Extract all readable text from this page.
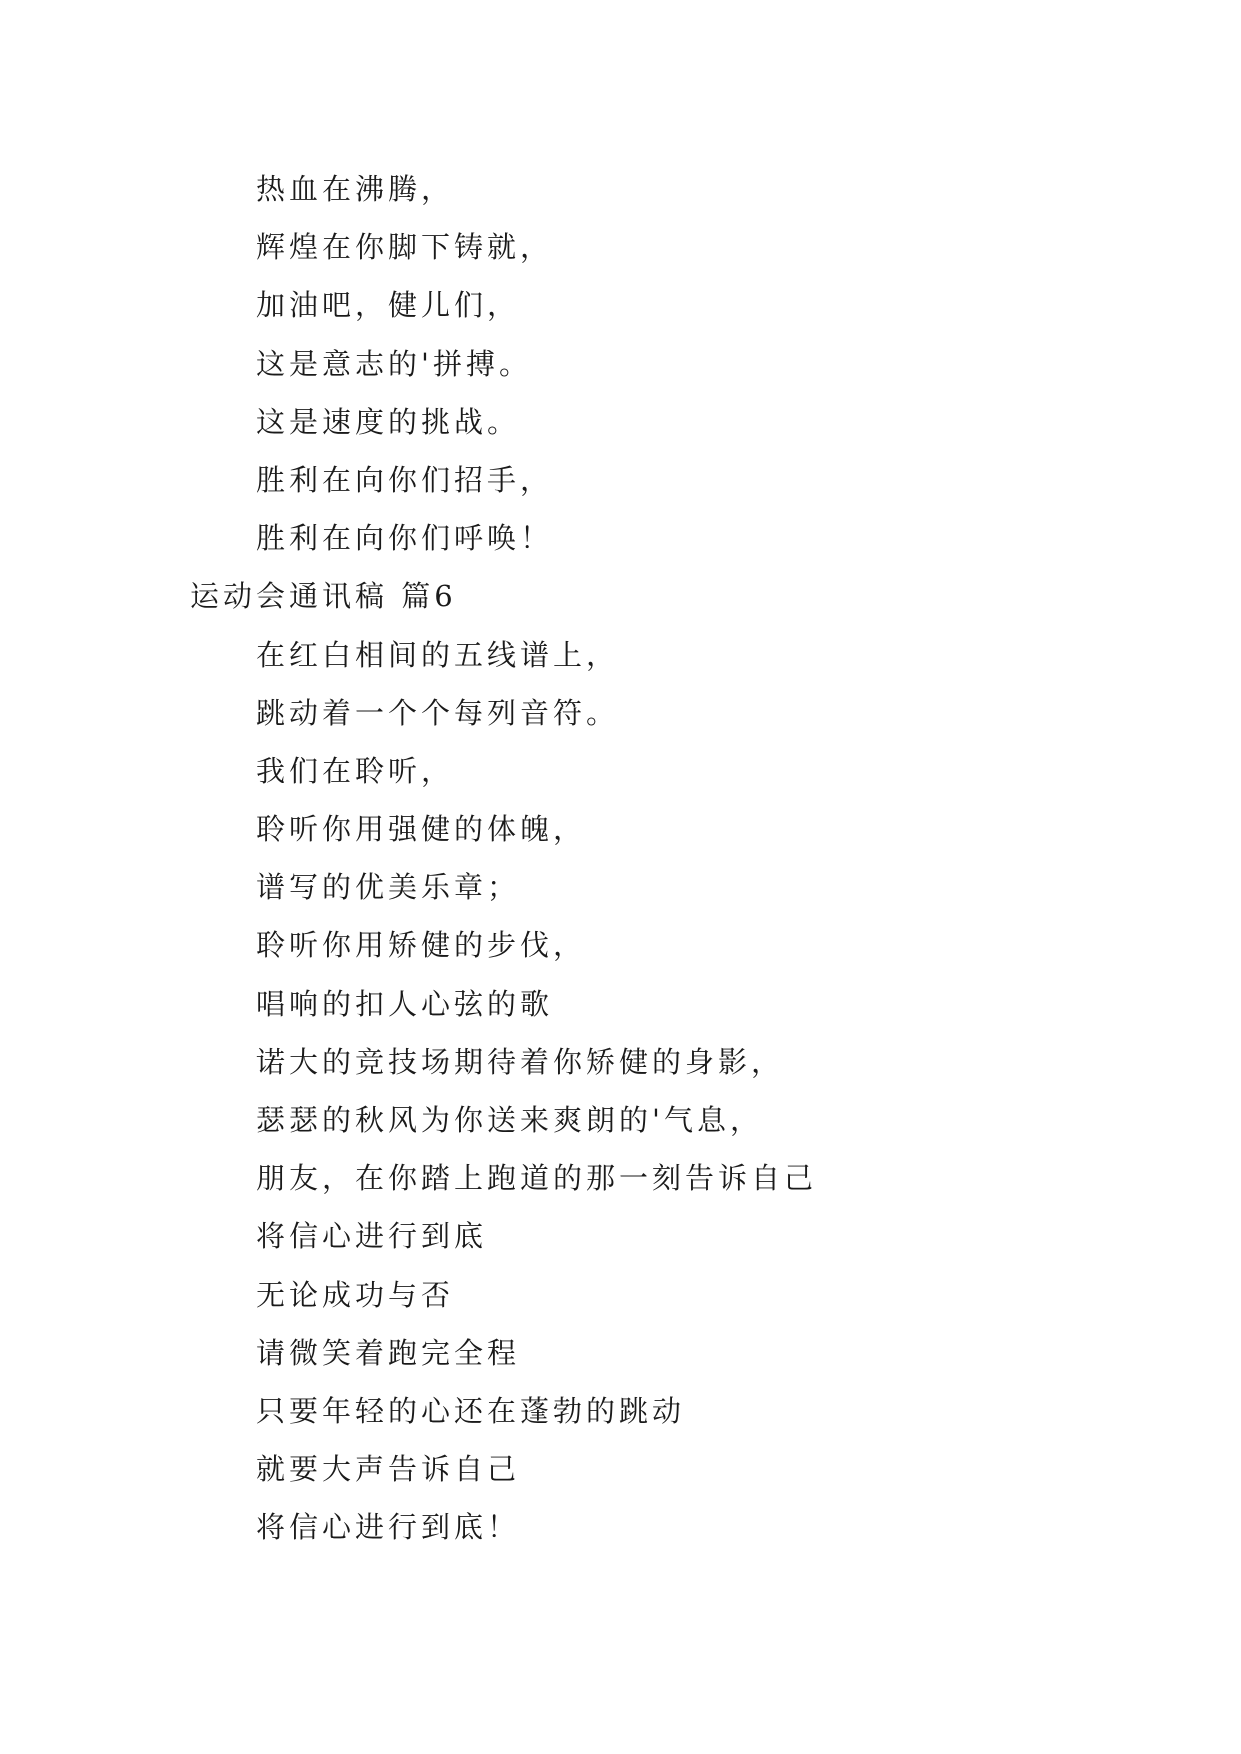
热血在沸腾，
辉煌在你脚下铸就，
加油吧，健儿们，
这是意志的'拼搏。
这是速度的挑战。
胜利在向你们招手，
胜利在向你们呼唤！
运动会通讯稿 篇6
在红白相间的五线谱上，
跳动着一个个每列音符。
我们在聆听，
聆听你用强健的体魄，
谱写的优美乐章；
聆听你用矫健的步伐，
唱响的扣人心弦的歌
诺大的竞技场期待着你矫健的身影，
瑟瑟的秋风为你送来爽朗的'气息，
朋友，在你踏上跑道的那一刻告诉自己
将信心进行到底
无论成功与否
请微笑着跑完全程
只要年轻的心还在蓬勃的跳动
就要大声告诉自己
将信心进行到底！
